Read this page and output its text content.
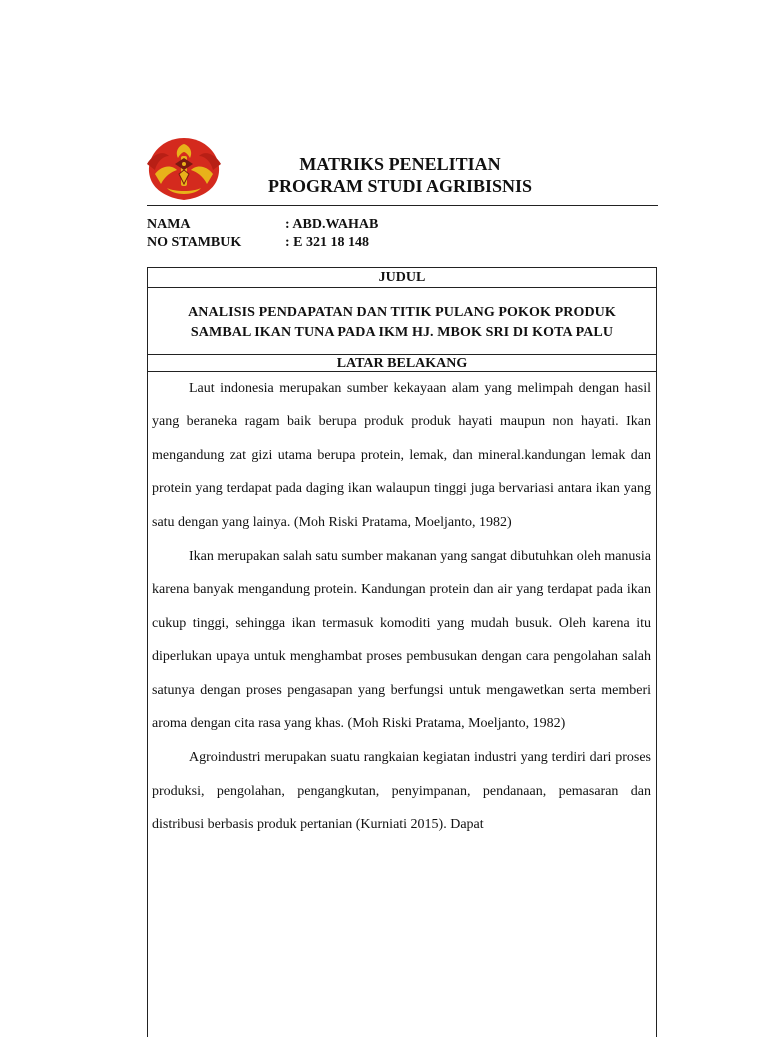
MATRIKS PENELITIAN
PROGRAM STUDI AGRIBISNIS
NAMA	: ABD.WAHAB
NO STAMBUK	: E 321 18 148
JUDUL
ANALISIS PENDAPATAN DAN TITIK PULANG POKOK PRODUK
SAMBAL IKAN TUNA PADA IKM HJ. MBOK SRI DI KOTA PALU
LATAR BELAKANG

Laut indonesia merupakan sumber kekayaan alam yang melimpah dengan hasil yang beraneka ragam baik berupa produk produk hayati maupun non hayati. Ikan mengandung zat gizi utama berupa protein, lemak, dan mineral.kandungan lemak dan protein yang terdapat pada daging ikan walaupun tinggi juga bervariasi antara ikan yang satu dengan yang lainya. (Moh Riski Pratama, Moeljanto, 1982)

Ikan merupakan salah satu sumber makanan yang sangat dibutuhkan oleh manusia karena banyak mengandung protein. Kandungan protein dan air yang terdapat pada ikan cukup tinggi, sehingga ikan termasuk komoditi yang mudah busuk. Oleh karena itu diperlukan upaya untuk menghambat proses pembusukan dengan cara pengolahan salah satunya dengan proses pengasapan yang berfungsi untuk mengawetkan serta memberi aroma dengan cita rasa yang khas. (Moh Riski Pratama, Moeljanto, 1982)

Agroindustri merupakan suatu rangkaian kegiatan industri yang terdiri dari proses produksi, pengolahan, pengangkutan, penyimpanan, pendanaan, pemasaran dan distribusi berbasis produk pertanian (Kurniati 2015). Dapat
